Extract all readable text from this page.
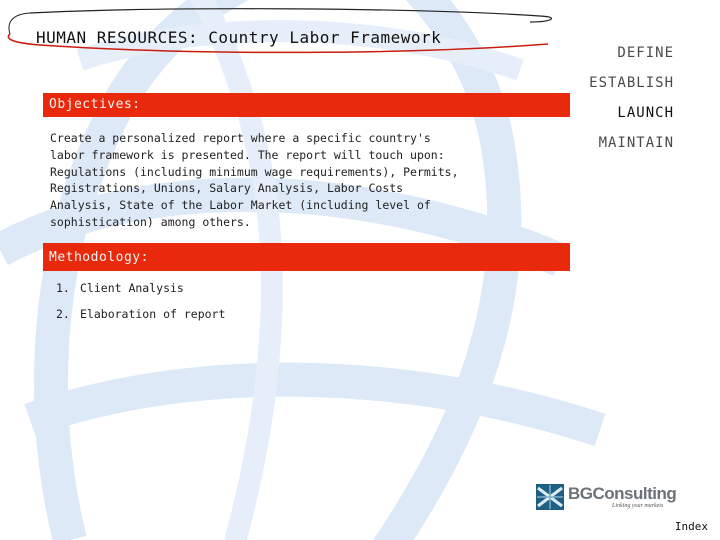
HUMAN RESOURCES: Country Labor Framework
DEFINE
ESTABLISH
LAUNCH
MAINTAIN
Objectives:
Create a personalized report where a specific country's
labor framework is presented. The report will touch upon:
Regulations (including minimum wage requirements), Permits,
Registrations, Unions, Salary Analysis, Labor Costs
Analysis, State of the Labor Market (including level of
sophistication) among others.
Methodology:
1. Client Analysis
2. Elaboration of report
BGConsulting
Linking your markets
Index
